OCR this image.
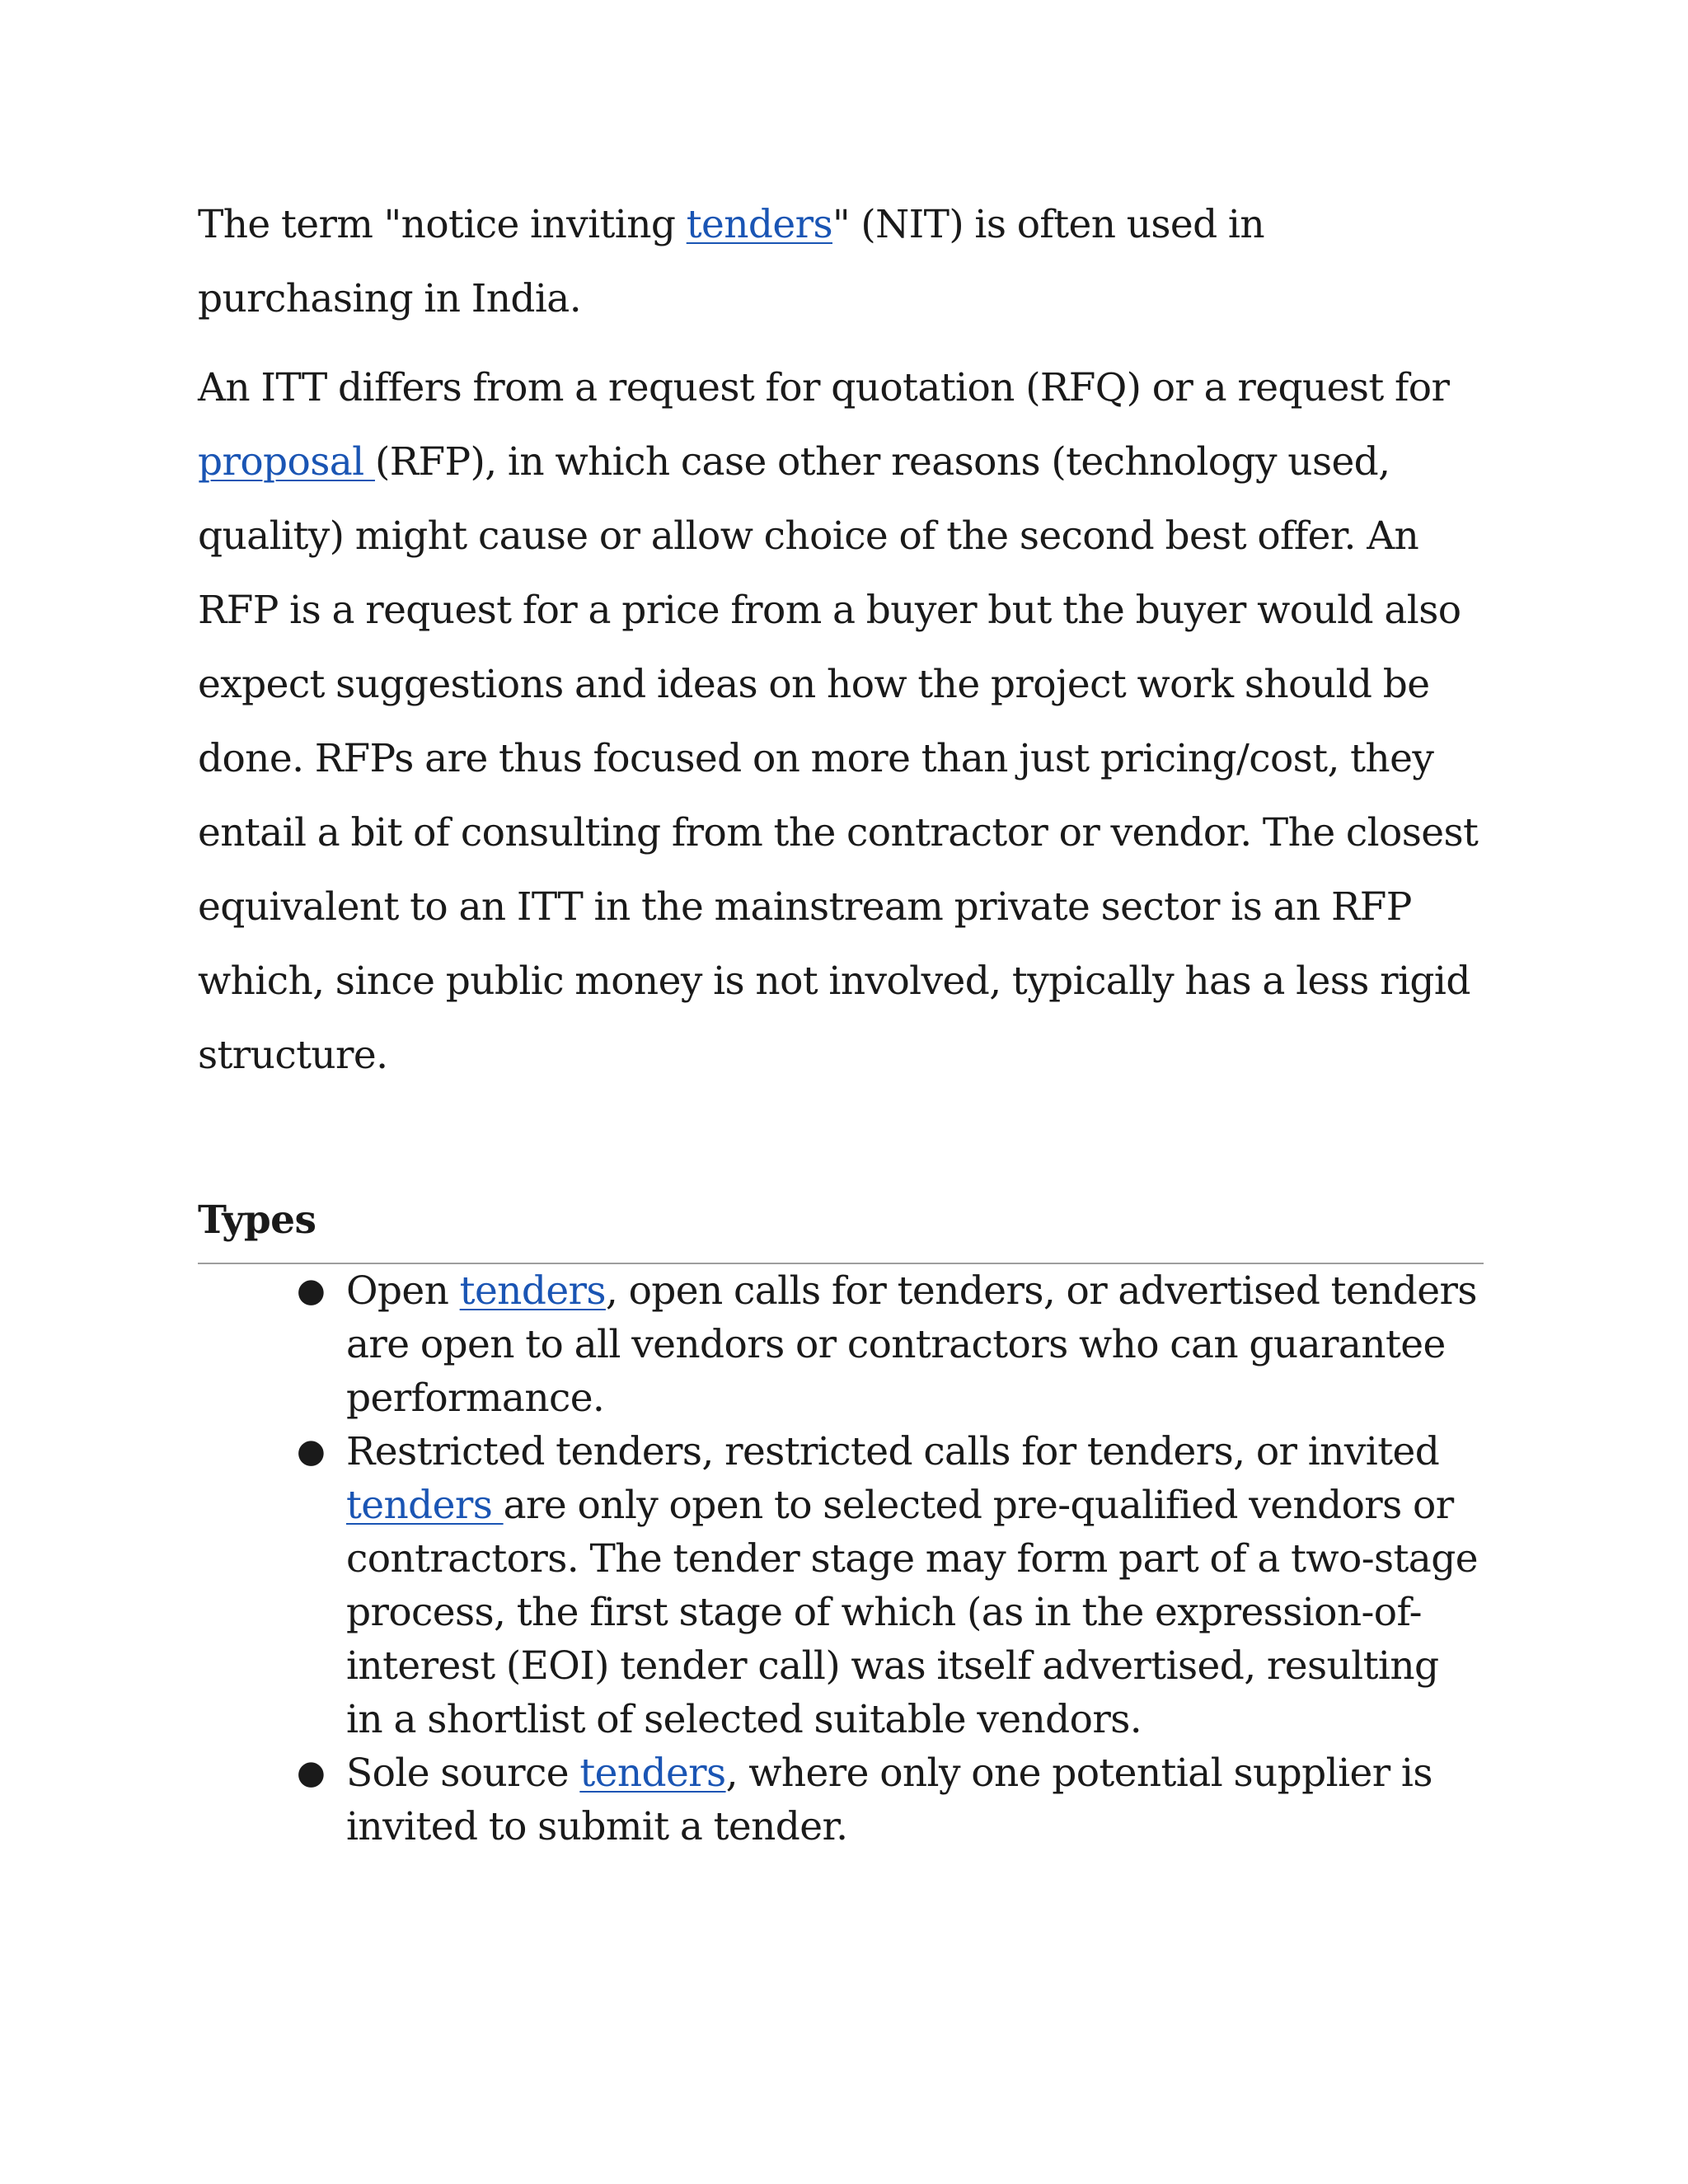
The term "notice inviting tenders" (NIT) is often used in purchasing in India.

An ITT differs from a request for quotation (RFQ) or a request for proposal (RFP), in which case other reasons (technology used, quality) might cause or allow choice of the second best offer. An RFP is a request for a price from a buyer but the buyer would also expect suggestions and ideas on how the project work should be done. RFPs are thus focused on more than just pricing/cost, they entail a bit of consulting from the contractor or vendor. The closest equivalent to an ITT in the mainstream private sector is an RFP which, since public money is not involved, typically has a less rigid structure.

Types
● Open tenders, open calls for tenders, or advertised tenders are open to all vendors or contractors who can guarantee performance.
● Restricted tenders, restricted calls for tenders, or invited tenders are only open to selected pre-qualified vendors or contractors. The tender stage may form part of a two-stage process, the first stage of which (as in the expression-of-interest (EOI) tender call) was itself advertised, resulting in a shortlist of selected suitable vendors.
● Sole source tenders, where only one potential supplier is invited to submit a tender.
